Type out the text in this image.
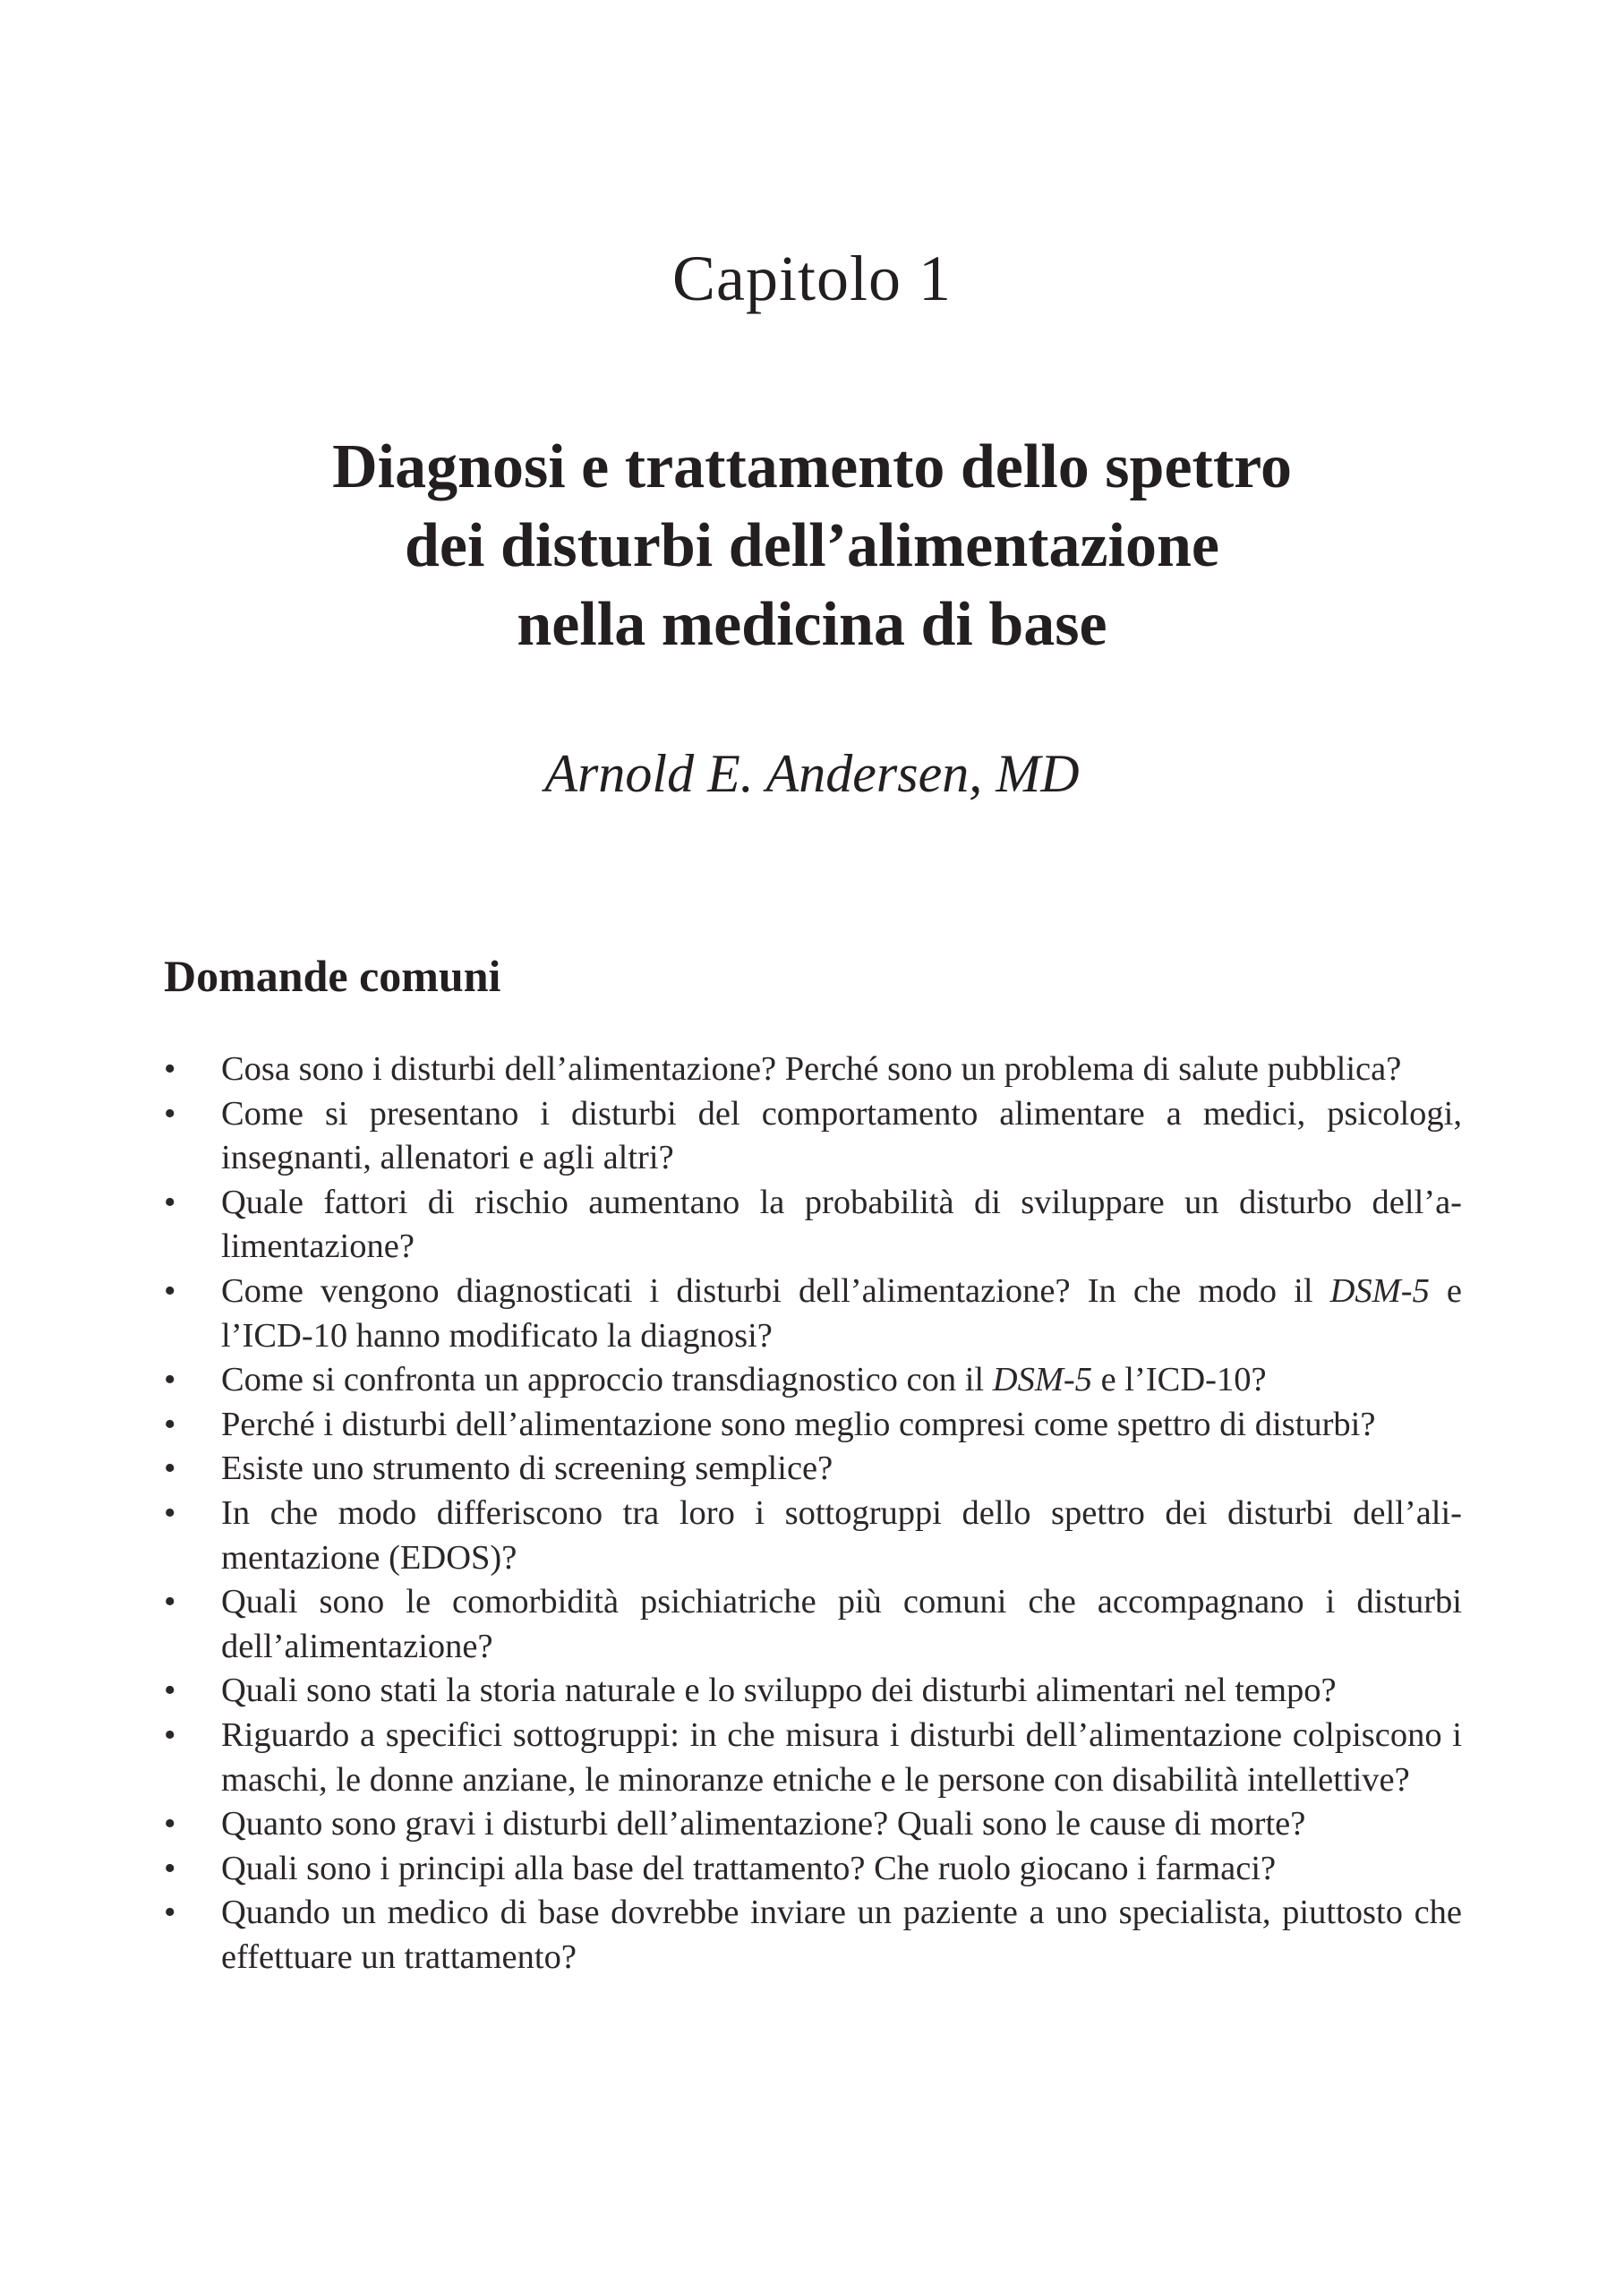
Capitolo 1
Diagnosi e trattamento dello spettro
dei disturbi dell’alimentazione
nella medicina di base

Arnold E. Andersen, MD

Domande comuni
•	Cosa sono i disturbi dell’alimentazione? Perché sono un problema di salute pubblica?
•	Come si presentano i disturbi del comportamento alimentare a medici, psicologi, insegnanti, allenatori e agli altri?
•	Quale fattori di rischio aumentano la probabilità di sviluppare un disturbo dell’alimentazione?
•	Come vengono diagnosticati i disturbi dell’alimentazione? In che modo il DSM-5 e l’ICD-10 hanno modificato la diagnosi?
•	Come si confronta un approccio transdiagnostico con il DSM-5 e l’ICD-10?
•	Perché i disturbi dell’alimentazione sono meglio compresi come spettro di disturbi?
•	Esiste uno strumento di screening semplice?
•	In che modo differiscono tra loro i sottogruppi dello spettro dei disturbi dell’alimentazione (EDOS)?
•	Quali sono le comorbidità psichiatriche più comuni che accompagnano i disturbi dell’alimentazione?
•	Quali sono stati la storia naturale e lo sviluppo dei disturbi alimentari nel tempo?
•	Riguardo a specifici sottogruppi: in che misura i disturbi dell’alimentazione colpiscono i maschi, le donne anziane, le minoranze etniche e le persone con disabilità intellettive?
•	Quanto sono gravi i disturbi dell’alimentazione? Quali sono le cause di morte?
•	Quali sono i principi alla base del trattamento? Che ruolo giocano i farmaci?
•	Quando un medico di base dovrebbe inviare un paziente a uno specialista, piuttosto che effettuare un trattamento?
